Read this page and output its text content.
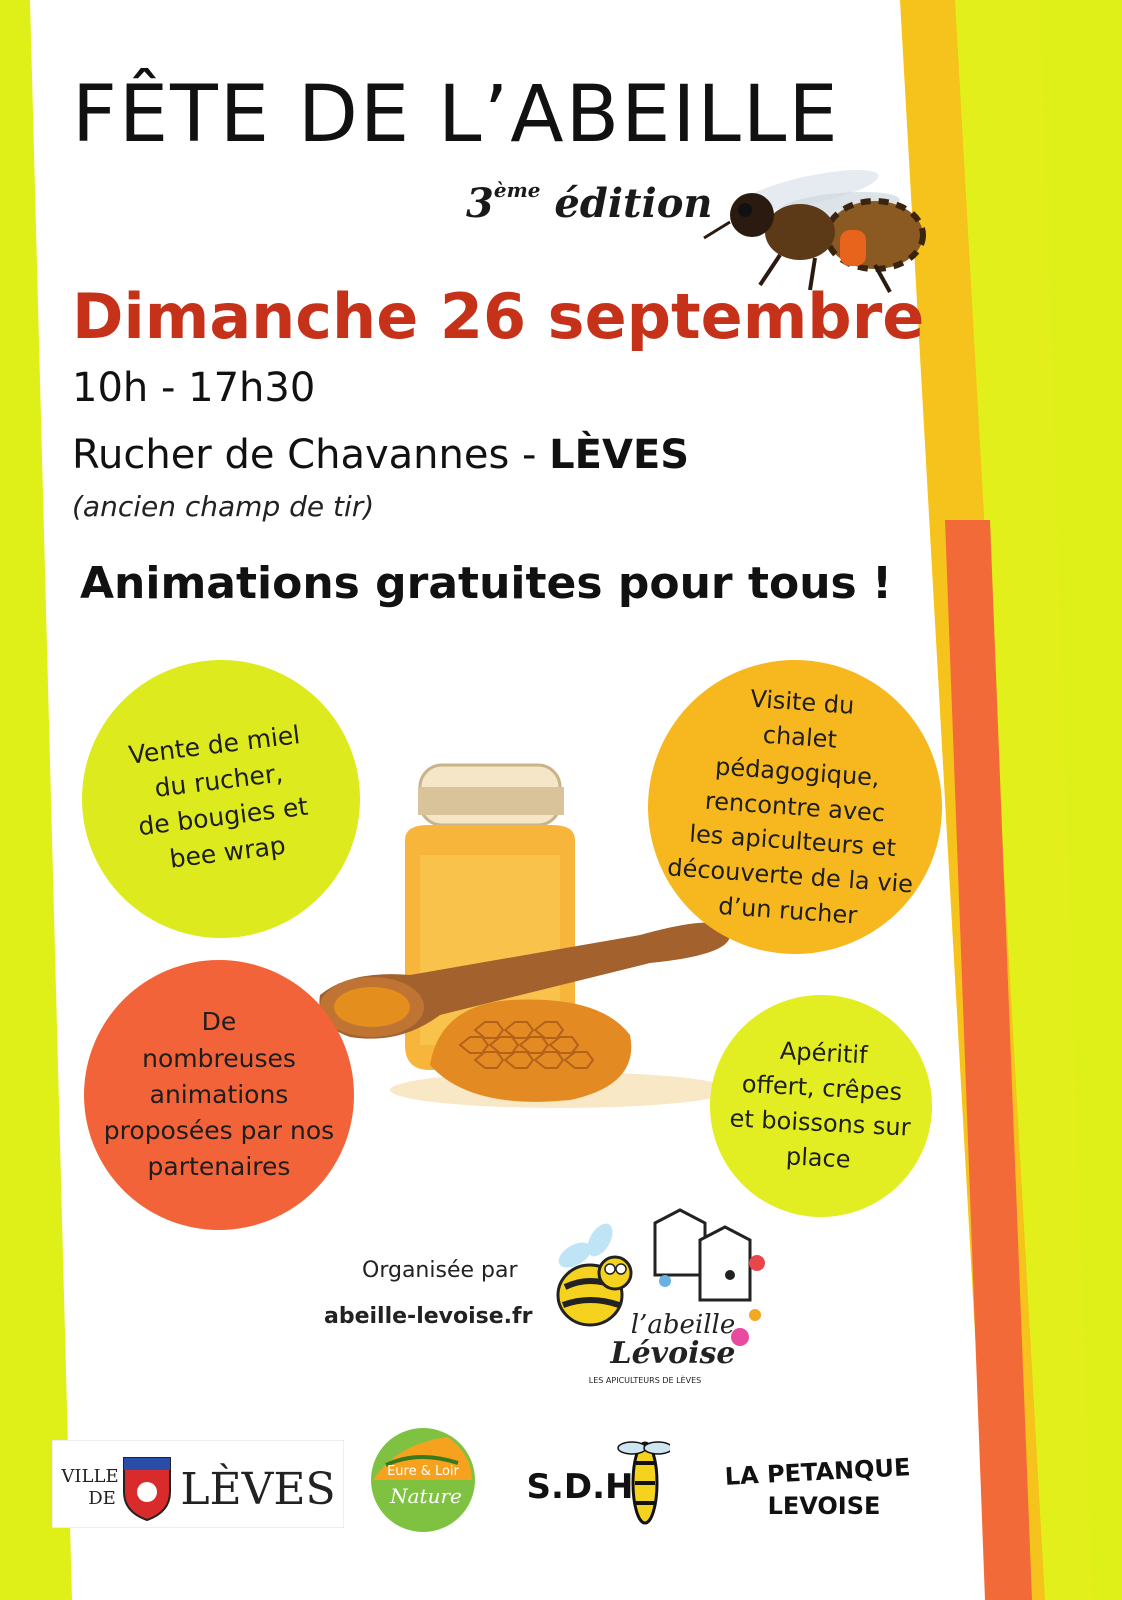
FÊTE DE L’ABEILLE
3ème édition
Dimanche 26 septembre
10h - 17h30
Rucher de Chavannes - LÈVES
(ancien champ de tir)
Animations gratuites pour tous !
Vente de miel
du rucher,
de bougies et
bee wrap
Visite du
chalet
pédagogique,
rencontre avec
les apiculteurs et
découverte de la vie
d’un rucher
De
nombreuses
animations
proposées par nos
partenaires
Apéritif
offert, crêpes
et boissons sur
place
Organisée par
abeille-levoise.fr	l’abeille
Lévoise
LES APICULTEURS DE LÈVES
VILLE
DE LÈVES	Eure & Loir
Nature S.D.H	LA PETANQUE
LEVOISE
